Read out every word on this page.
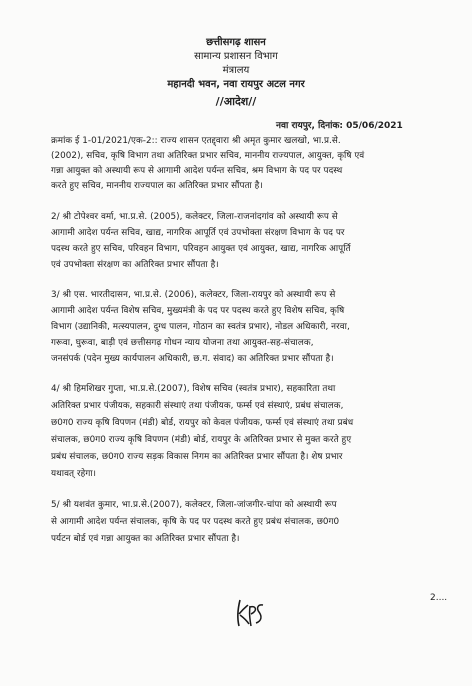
छत्तीसगढ़ शासन
सामान्य प्रशासन विभाग
मंत्रालय
महानदी भवन, नवा रायपुर अटल नगर
//आदेश//
नवा रायपुर, दिनांक: 05/06/2021
क्रमांक ई 1-01/2021/एक-2:: राज्य शासन एतद्द्वारा श्री अमृत कुमार खलखो, भा.प्र.से.
(2002), सचिव, कृषि विभाग तथा अतिरिक्त प्रभार सचिव, माननीय राज्यपाल, आयुक्त, कृषि एवं
गन्ना आयुक्त को अस्थायी रूप से आगामी आदेश पर्यन्त सचिव, श्रम विभाग के पद पर पदस्थ
करते हुए सचिव, माननीय राज्यपाल का अतिरिक्त प्रभार सौंपता है।
2/ श्री टोपेश्वर वर्मा, भा.प्र.से. (2005), कलेक्टर, जिला-राजनांदगांव को अस्थायी रूप से
आगामी आदेश पर्यन्त सचिव, खाद्य, नागरिक आपूर्ति एवं उपभोक्ता संरक्षण विभाग के पद पर
पदस्थ करते हुए सचिव, परिवहन विभाग, परिवहन आयुक्त एवं आयुक्त, खाद्य, नागरिक आपूर्ति
एवं उपभोक्ता संरक्षण का अतिरिक्त प्रभार सौंपता है।
3/ श्री एस. भारतीदासन, भा.प्र.से. (2006), कलेक्टर, जिला-रायपुर को अस्थायी रूप से
आगामी आदेश पर्यन्त विशेष सचिव, मुख्यमंत्री के पद पर पदस्थ करते हुए विशेष सचिव, कृषि
विभाग (उद्यानिकी, मत्स्यपालन, दुग्ध पालन, गोठान का स्वतंत्र प्रभार), नोडल अधिकारी, नरवा,
गरूवा, घुरूवा, बाड़ी एवं छत्तीसगढ़ गोधन न्याय योजना तथा आयुक्त-सह-संचालक,
जनसंपर्क (पदेन मुख्य कार्यपालन अधिकारी, छ.ग. संवाद) का अतिरिक्त प्रभार सौंपता है।
4/ श्री हिमशिखर गुप्ता, भा.प्र.से.(2007), विशेष सचिव (स्वतंत्र प्रभार), सहकारिता तथा
अतिरिक्त प्रभार पंजीयक, सहकारी संस्थाएं तथा पंजीयक, फर्म्स एवं संस्थाएं, प्रबंध संचालक,
छ0ग0 राज्य कृषि विपणन (मंडी) बोर्ड, रायपुर को केवल पंजीयक, फर्म्स एवं संस्थाएं तथा प्रबंध
संचालक, छ0ग0 राज्य कृषि विपणन (मंडी) बोर्ड, रायपुर के अतिरिक्त प्रभार से मुक्त करते हुए
प्रबंध संचालक, छ0ग0 राज्य सड़क विकास निगम का अतिरिक्त प्रभार सौंपता है। शेष प्रभार
यथावत् रहेगा।
5/ श्री यशवंत कुमार, भा.प्र.से.(2007), कलेक्टर, जिला-जांजगीर-चांपा को अस्थायी रूप
से आगामी आदेश पर्यन्त संचालक, कृषि के पद पर पदस्थ करते हुए प्रबंध संचालक, छ0ग0
पर्यटन बोर्ड एवं गन्ना आयुक्त का अतिरिक्त प्रभार सौंपता है।
2....
